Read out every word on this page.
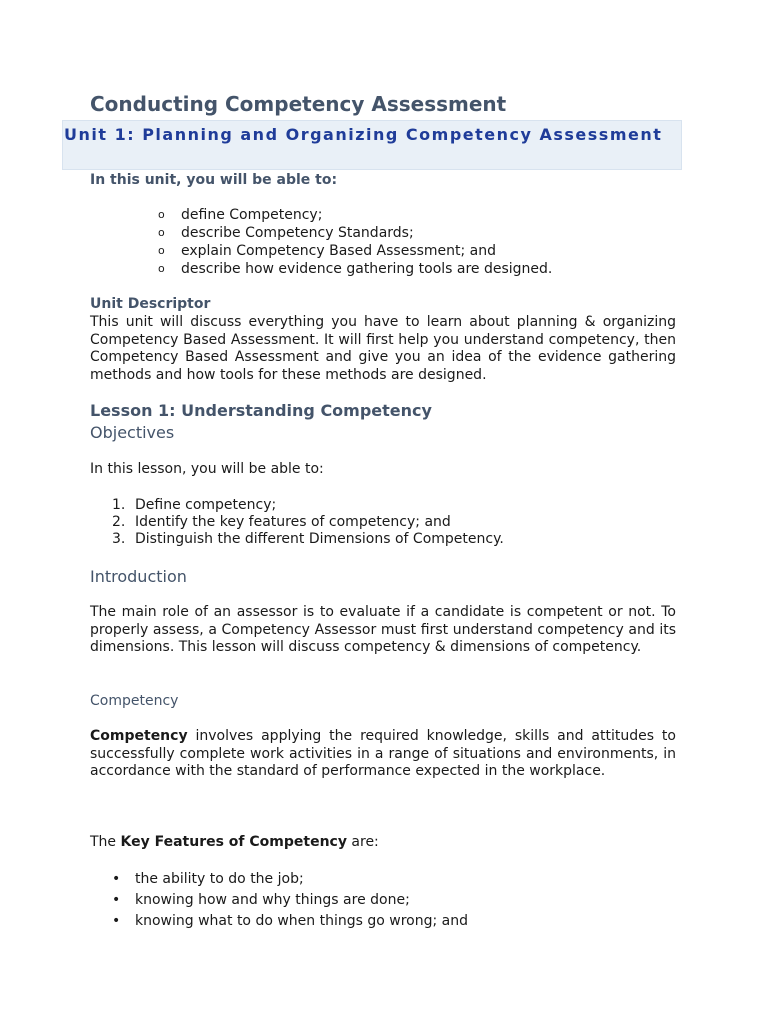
Conducting Competency Assessment
Unit 1: Planning and Organizing Competency Assessment
In this unit, you will be able to:
o define Competency;
o describe Competency Standards;
o explain Competency Based Assessment; and
o describe how evidence gathering tools are designed.
Unit Descriptor

This unit will discuss everything you have to learn about planning & organizing Competency Based Assessment. It will first help you understand competency, then Competency Based Assessment and give you an idea of the evidence gathering methods and how tools for these methods are designed.

Lesson 1: Understanding Competency
Objectives
In this lesson, you will be able to:
1. Define competency;
2. Identify the key features of competency; and
3. Distinguish the different Dimensions of Competency.
Introduction

The main role of an assessor is to evaluate if a candidate is competent or not. To properly assess, a Competency Assessor must first understand competency and its dimensions. This lesson will discuss competency & dimensions of competency.

Competency

Competency involves applying the required knowledge, skills and attitudes to successfully complete work activities in a range of situations and environments, in accordance with the standard of performance expected in the workplace.

The Key Features of Competency are:
• the ability to do the job;
• knowing how and why things are done;
• knowing what to do when things go wrong; and
